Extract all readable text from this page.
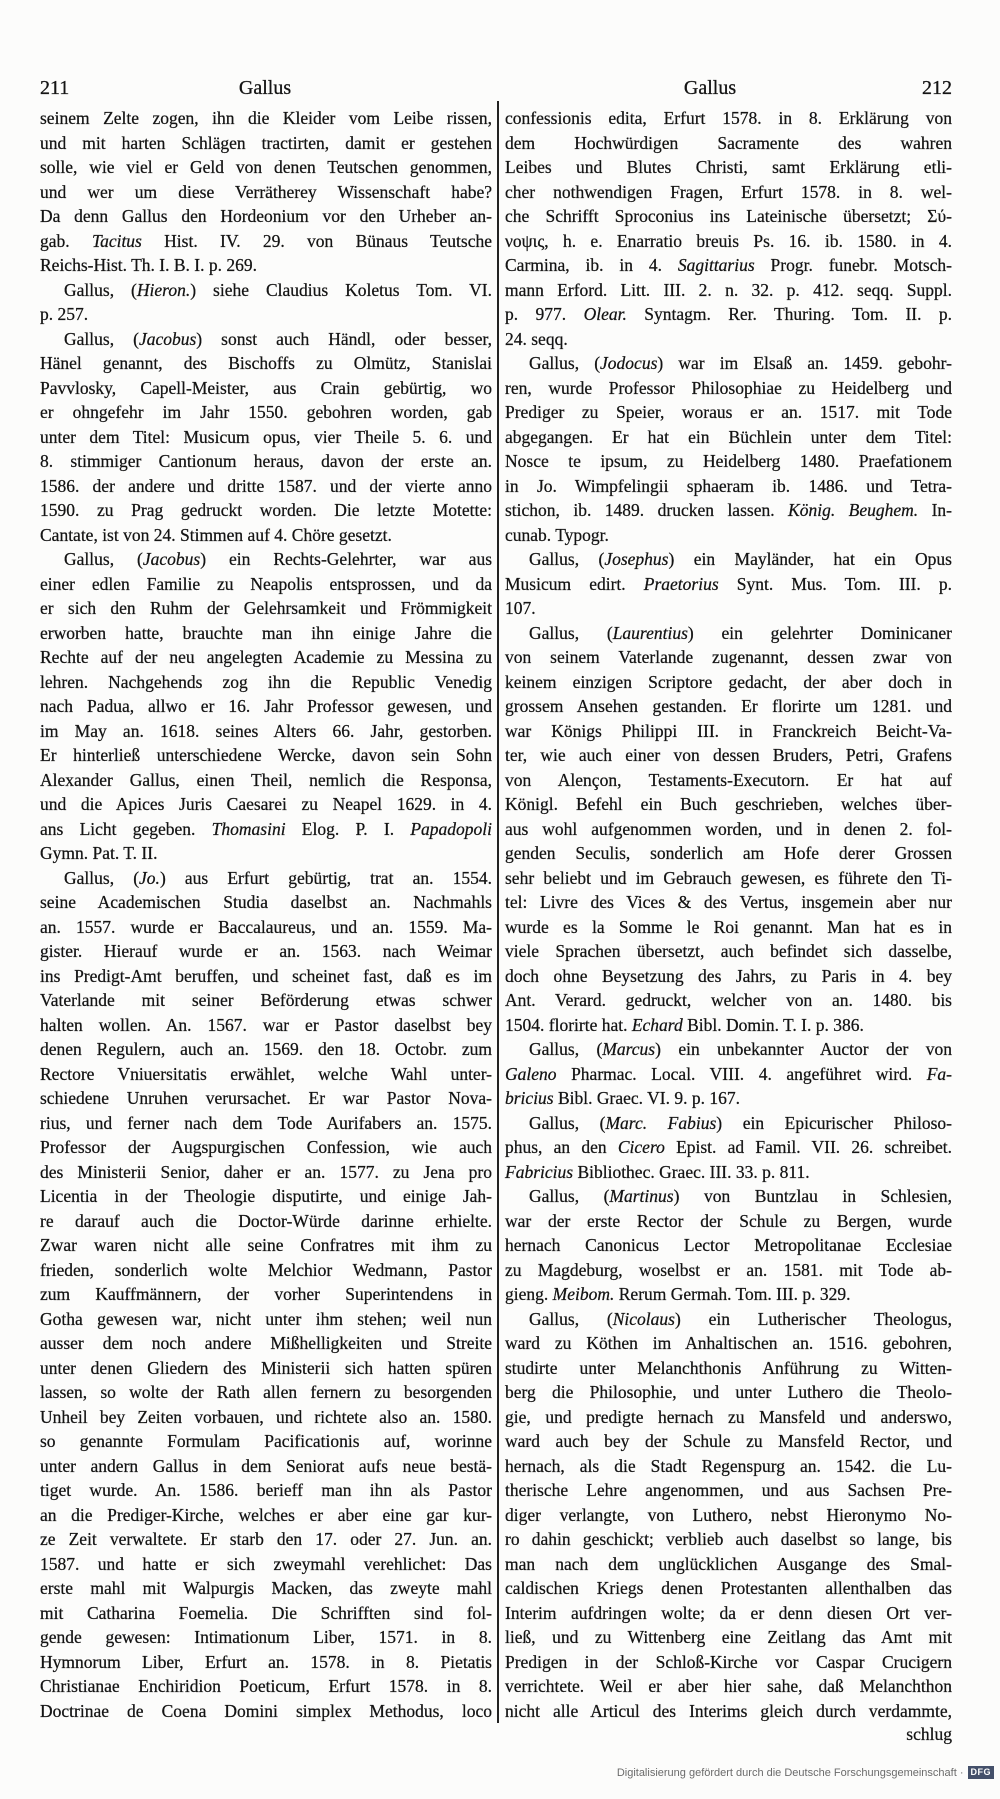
211	Gallus	Gallus	212
seinem Zelte zogen, ihn die Kleider vom Leibe rissen,
und mit harten Schlägen tractirten, damit er gestehen
solle, wie viel er Geld von denen Teutschen genommen,
und wer um diese Verrätherey Wissenschaft habe?
Da denn Gallus den Hordeonium vor den Urheber an-
gab. Tacitus Hist. IV. 29. von Bünaus Teutsche
Reichs-Hist. Th. I. B. I. p. 269.
Gallus, (Hieron.) siehe Claudius Koletus Tom. VI.
p. 257.
Gallus, (Jacobus) sonst auch Händl, oder besser,
Hänel genannt, des Bischoffs zu Olmütz, Stanislai
Pavvlosky, Capell-Meister, aus Crain gebürtig, wo
er ohngefehr im Jahr 1550. gebohren worden, gab
unter dem Titel: Musicum opus, vier Theile 5. 6. und
8. stimmiger Cantionum heraus, davon der erste an.
1586. der andere und dritte 1587. und der vierte anno
1590. zu Prag gedruckt worden. Die letzte Motette:
Cantate, ist von 24. Stimmen auf 4. Chöre gesetzt.
Gallus, (Jacobus) ein Rechts-Gelehrter, war aus
einer edlen Familie zu Neapolis entsprossen, und da
er sich den Ruhm der Gelehrsamkeit und Frömmigkeit
erworben hatte, brauchte man ihn einige Jahre die
Rechte auf der neu angelegten Academie zu Messina zu
lehren. Nachgehends zog ihn die Republic Venedig
nach Padua, allwo er 16. Jahr Professor gewesen, und
im May an. 1618. seines Alters 66. Jahr, gestorben.
Er hinterließ unterschiedene Wercke, davon sein Sohn
Alexander Gallus, einen Theil, nemlich die Responsa,
und die Apices Juris Caesarei zu Neapel 1629. in 4.
ans Licht gegeben. Thomasini Elog. P. I. Papadopoli
Gymn. Pat. T. II.
Gallus, (Jo.) aus Erfurt gebürtig, trat an. 1554.
seine Academischen Studia daselbst an. Nachmahls
an. 1557. wurde er Baccalaureus, und an. 1559. Ma-
gister. Hierauf wurde er an. 1563. nach Weimar
ins Predigt-Amt beruffen, und scheinet fast, daß es im
Vaterlande mit seiner Beförderung etwas schwer
halten wollen. An. 1567. war er Pastor daselbst bey
denen Regulern, auch an. 1569. den 18. Octobr. zum
Rectore Vniuersitatis erwählet, welche Wahl unter-
schiedene Unruhen verursachet. Er war Pastor Nova-
rius, und ferner nach dem Tode Aurifabers an. 1575.
Professor der Augspurgischen Confession, wie auch
des Ministerii Senior, daher er an. 1577. zu Jena pro
Licentia in der Theologie disputirte, und einige Jah-
re darauf auch die Doctor-Würde darinne erhielte.
Zwar waren nicht alle seine Confratres mit ihm zu
frieden, sonderlich wolte Melchior Wedmann, Pastor
zum Kauffmännern, der vorher Superintendens in
Gotha gewesen war, nicht unter ihm stehen; weil nun
ausser dem noch andere Mißhelligkeiten und Streite
unter denen Gliedern des Ministerii sich hatten spüren
lassen, so wolte der Rath allen fernern zu besorgenden
Unheil bey Zeiten vorbauen, und richtete also an. 1580.
so genannte Formulam Pacificationis auf, worinne
unter andern Gallus in dem Seniorat aufs neue bestä-
tiget wurde. An. 1586. berieff man ihn als Pastor
an die Prediger-Kirche, welches er aber eine gar kur-
ze Zeit verwaltete. Er starb den 17. oder 27. Jun. an.
1587. und hatte er sich zweymahl verehlichet: Das
erste mahl mit Walpurgis Macken, das zweyte mahl
mit Catharina Foemelia. Die Schrifften sind fol-
gende gewesen: Intimationum Liber, 1571. in 8.
Hymnorum Liber, Erfurt an. 1578. in 8. Pietatis
Christianae Enchiridion Poeticum, Erfurt 1578. in 8.
Doctrinae de Coena Domini simplex Methodus, loco
confessionis edita, Erfurt 1578. in 8. Erklärung von
dem Hochwürdigen Sacramente des wahren
Leibes und Blutes Christi, samt Erklärung etli-
cher nothwendigen Fragen, Erfurt 1578. in 8. wel-
che Schrifft Sproconius ins Lateinische übersetzt; Σύ-
νοψις, h. e. Enarratio breuis Ps. 16. ib. 1580. in 4.
Carmina, ib. in 4. Sagittarius Progr. funebr. Motsch-
mann Erford. Litt. III. 2. n. 32. p. 412. seqq. Suppl.
p. 977. Olear. Syntagm. Rer. Thuring. Tom. II. p.
24. seqq.
Gallus, (Jodocus) war im Elsaß an. 1459. gebohr-
ren, wurde Professor Philosophiae zu Heidelberg und
Prediger zu Speier, woraus er an. 1517. mit Tode
abgegangen. Er hat ein Büchlein unter dem Titel:
Nosce te ipsum, zu Heidelberg 1480. Praefationem
in Jo. Wimpfelingii sphaeram ib. 1486. und Tetra-
stichon, ib. 1489. drucken lassen. König. Beughem. In-
cunab. Typogr.
Gallus, (Josephus) ein Mayländer, hat ein Opus
Musicum edirt. Praetorius Synt. Mus. Tom. III. p.
107.
Gallus, (Laurentius) ein gelehrter Dominicaner
von seinem Vaterlande zugenannt, dessen zwar von
keinem einzigen Scriptore gedacht, der aber doch in
grossem Ansehen gestanden. Er florirte um 1281. und
war Königs Philippi III. in Franckreich Beicht-Va-
ter, wie auch einer von dessen Bruders, Petri, Grafens
von Alençon, Testaments-Executorn. Er hat auf
Königl. Befehl ein Buch geschrieben, welches über-
aus wohl aufgenommen worden, und in denen 2. fol-
genden Seculis, sonderlich am Hofe derer Grossen
sehr beliebt und im Gebrauch gewesen, es führete den Ti-
tel: Livre des Vices & des Vertus, insgemein aber nur
wurde es la Somme le Roi genannt. Man hat es in
viele Sprachen übersetzt, auch befindet sich dasselbe,
doch ohne Beysetzung des Jahrs, zu Paris in 4. bey
Ant. Verard. gedruckt, welcher von an. 1480. bis
1504. florirte hat. Echard Bibl. Domin. T. I. p. 386.
Gallus, (Marcus) ein unbekannter Auctor der von
Galeno Pharmac. Local. VIII. 4. angeführet wird. Fa-
bricius Bibl. Graec. VI. 9. p. 167.
Gallus, (Marc. Fabius) ein Epicurischer Philoso-
phus, an den Cicero Epist. ad Famil. VII. 26. schreibet.
Fabricius Bibliothec. Graec. III. 33. p. 811.
Gallus, (Martinus) von Buntzlau in Schlesien,
war der erste Rector der Schule zu Bergen, wurde
hernach Canonicus Lector Metropolitanae Ecclesiae
zu Magdeburg, woselbst er an. 1581. mit Tode ab-
gieng. Meibom. Rerum Germah. Tom. III. p. 329.
Gallus, (Nicolaus) ein Lutherischer Theologus,
ward zu Köthen im Anhaltischen an. 1516. gebohren,
studirte unter Melanchthonis Anführung zu Witten-
berg die Philosophie, und unter Luthero die Theolo-
gie, und predigte hernach zu Mansfeld und anderswo,
ward auch bey der Schule zu Mansfeld Rector, und
hernach, als die Stadt Regenspurg an. 1542. die Lu-
therische Lehre angenommen, und aus Sachsen Pre-
diger verlangte, von Luthero, nebst Hieronymo No-
ro dahin geschickt; verblieb auch daselbst so lange, bis
man nach dem unglücklichen Ausgange des Smal-
caldischen Kriegs denen Protestanten allenthalben das
Interim aufdringen wolte; da er denn diesen Ort ver-
ließ, und zu Wittenberg eine Zeitlang das Amt mit
Predigen in der Schloß-Kirche vor Caspar Crucigern
verrichtete. Weil er aber hier sahe, daß Melanchthon
nicht alle Articul des Interims gleich durch verdammte,
schlug
Digitalisierung gefördert durch die Deutsche Forschungsgemeinschaft · DFG
